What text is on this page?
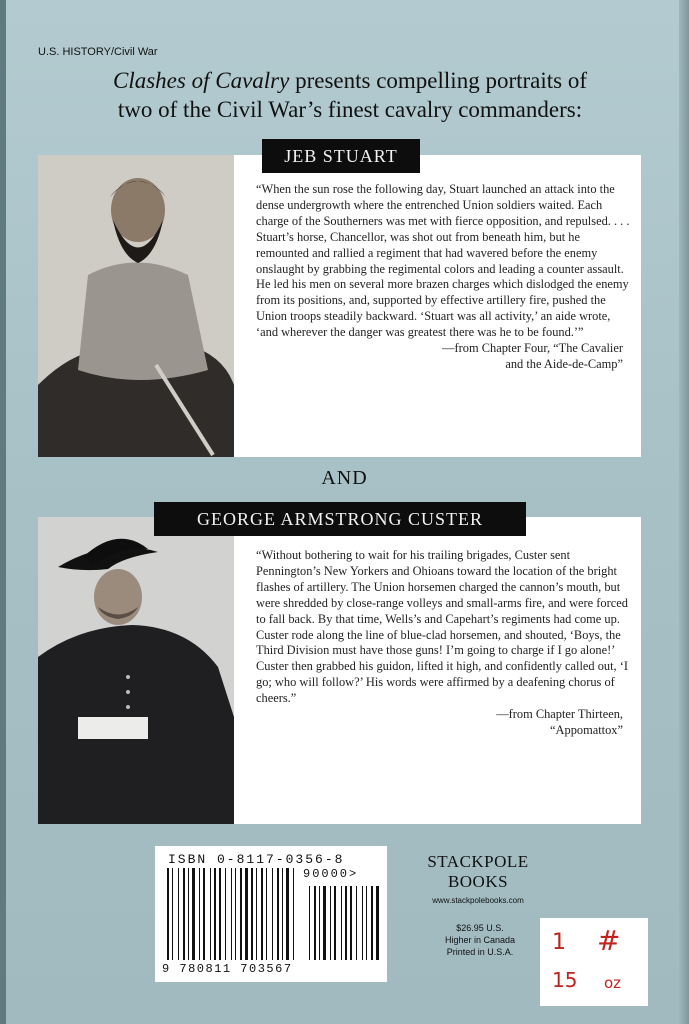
U.S. HISTORY/Civil War
Clashes of Cavalry presents compelling portraits of
two of the Civil War’s finest cavalry commanders:
JEB STUART
“When the sun rose the following day, Stuart launched an attack into the dense undergrowth where the entrenched Union soldiers waited. Each charge of the Southerners was met with fierce opposition, and repulsed. . . . Stuart’s horse, Chancellor, was shot out from beneath him, but he remounted and rallied a regiment that had wavered before the enemy onslaught by grabbing the regimental colors and leading a counter assault. He led his men on several more brazen charges which dislodged the enemy from its positions, and, supported by effective artillery fire, pushed the Union troops steadily backward. ‘Stuart was all activity,’ an aide wrote, ‘and wherever the danger was greatest there was he to be found.’”
—from Chapter Four, “The Cavalier
and the Aide-de-Camp”
AND
GEORGE ARMSTRONG CUSTER
“Without bothering to wait for his trailing brigades, Custer sent Pennington’s New Yorkers and Ohioans toward the location of the bright flashes of artillery. The Union horsemen charged the cannon’s mouth, but were shredded by close-range volleys and small-arms fire, and were forced to fall back. By that time, Wells’s and Capehart’s regiments had come up. Custer rode along the line of blue-clad horsemen, and shouted, ‘Boys, the Third Division must have those guns! I’m going to charge if I go alone!’ Custer then grabbed his guidon, lifted it high, and confidently called out, ‘I go; who will follow?’ His words were affirmed by a deafening chorus of cheers.”
—from Chapter Thirteen,
“Appomattox”
ISBN 0-8117-0356-8
90000>
9 780811 703567
STACKPOLE
BOOKS
www.stackpolebooks.com
$26.95 U.S.
Higher in Canada
Printed in U.S.A.	1 #
15 oz
